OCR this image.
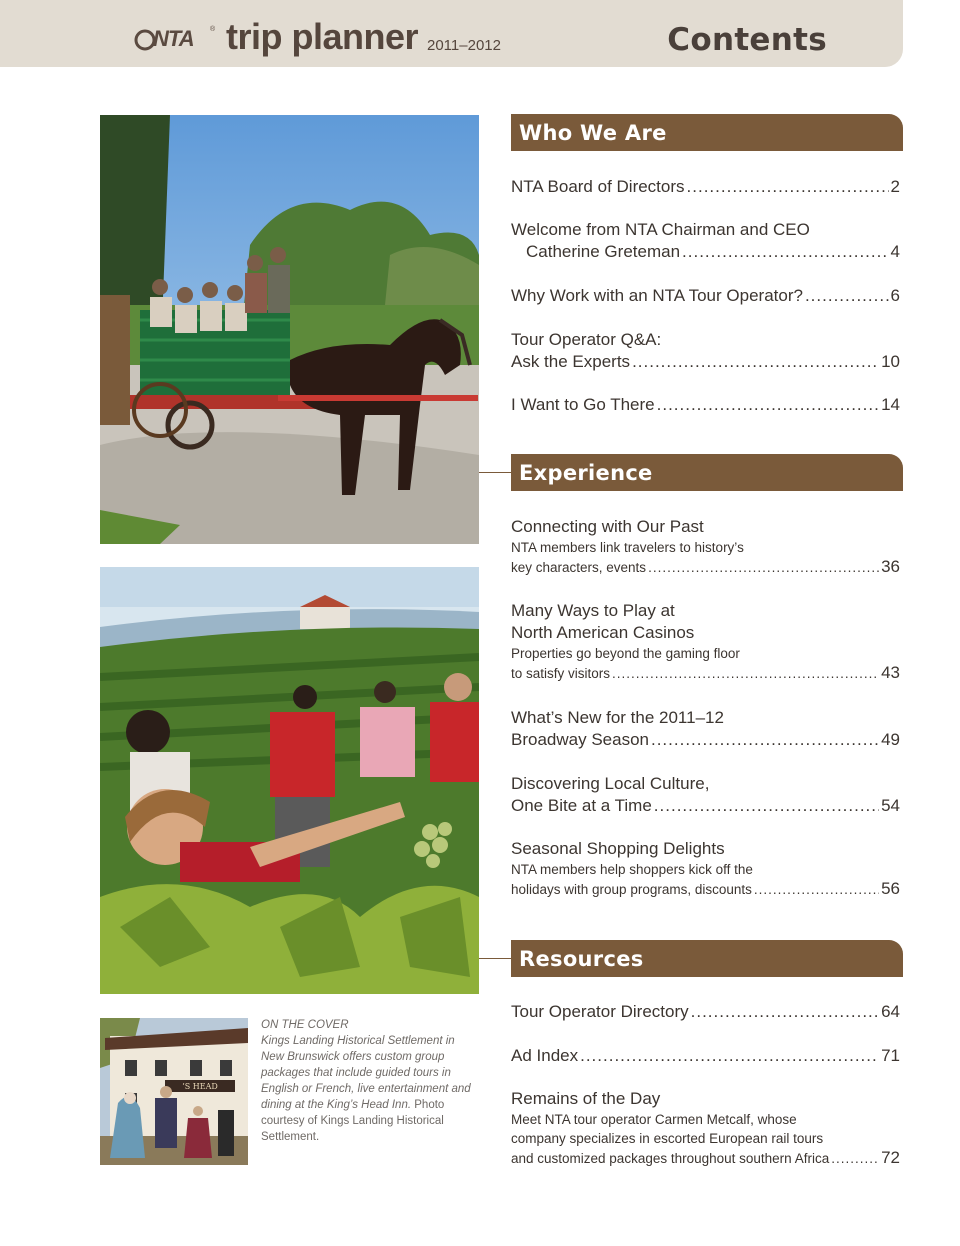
NTA ® trip planner 2011–2012	Contents
’S HEAD
ON THE COVER
Kings Landing Historical Settlement in New Brunswick offers custom group packages that include guided tours in English or French, live entertainment and dining at the King’s Head Inn. Photo courtesy of Kings Landing Historical Settlement.
Who We Are
NTA Board of Directors .....	2
Welcome from NTA Chairman and CEO
Catherine Greteman .....	4
Why Work with an NTA Tour Operator? .....	6
Tour Operator Q&A:
Ask the Experts .....	10
I Want to Go There .....	14
Experience
Connecting with Our Past
NTA members link travelers to history’s
key characters, events .....	36
Many Ways to Play at
North American Casinos
Properties go beyond the gaming floor
to satisfy visitors .....	43
What’s New for the 2011–12
Broadway Season .....	49
Discovering Local Culture,
One Bite at a Time .....	54
Seasonal Shopping Delights
NTA members help shoppers kick off the
holidays with group programs, discounts .....	56
Resources
Tour Operator Directory .....	64
Ad Index .....	71
Remains of the Day
Meet NTA tour operator Carmen Metcalf, whose
company specializes in escorted European rail tours
and customized packages throughout southern Africa .....	72
